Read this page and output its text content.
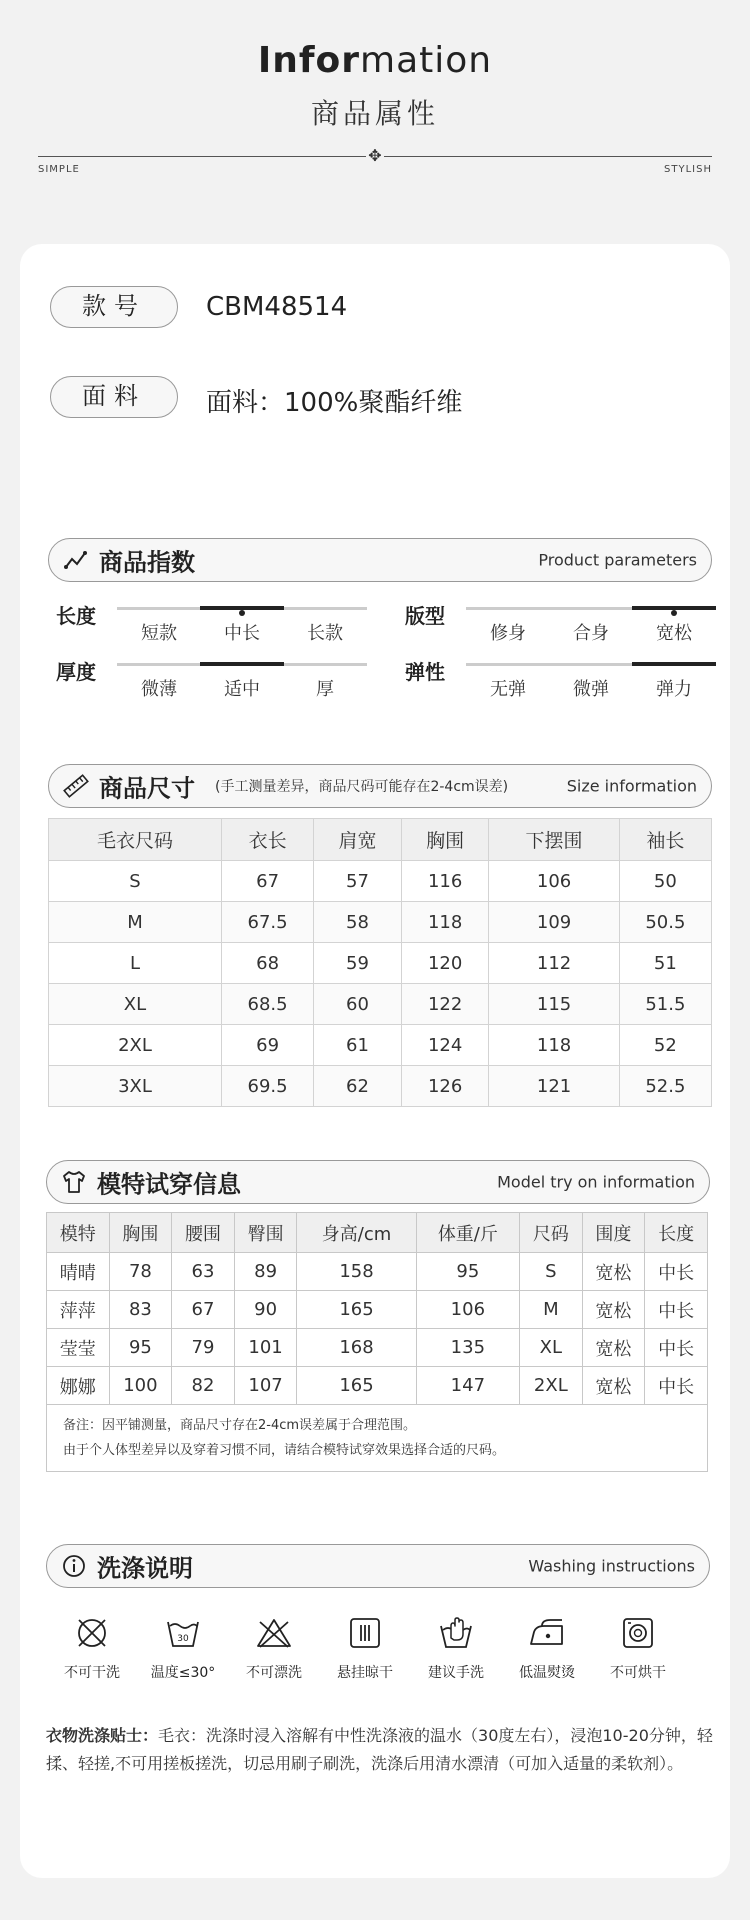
Information
商品属性
✥
SIMPLE	STYLISH
款号	CBM48514
面料	面料：100%聚酯纤维
商品指数	Product parameters
长度
短款	中长	长款
版型
修身	合身	宽松
厚度
微薄	适中	厚
弹性
无弹	微弹	弹力
商品尺寸 (手工测量差异，商品尺码可能存在2-4cm误差)	Size information
毛衣尺码	衣长	肩宽	胸围	下摆围	袖长
S	67	57	116	106	50
M	67.5	58	118	109	50.5
L	68	59	120	112	51
XL	68.5	60	122	115	51.5
2XL	69	61	124	118	52
3XL	69.5	62	126	121	52.5
模特试穿信息	Model try on information
模特	胸围	腰围	臀围	身高/cm	体重/斤	尺码	围度	长度
晴晴	78	63	89	158	95	S	宽松	中长
萍萍	83	67	90	165	106	M	宽松	中长
莹莹	95	79	101	168	135	XL	宽松	中长
娜娜	100	82	107	165	147	2XL	宽松	中长

备注：因平铺测量，商品尺寸存在2-4cm误差属于合理范围。
由于个人体型差异以及穿着习惯不同，请结合模特试穿效果选择合适的尺码。								
洗涤说明	Washing instructions
不可干洗
30
温度≤30°	不可漂洗	悬挂晾干	建议手洗	低温熨烫	不可烘干
衣物洗涤贴士：毛衣：洗涤时浸入溶解有中性洗涤液的温水（30度左右），浸泡10-20分钟，轻揉、轻搓,不可用搓板搓洗，切忌用刷子刷洗，洗涤后用清水漂清（可加入适量的柔软剂）。
